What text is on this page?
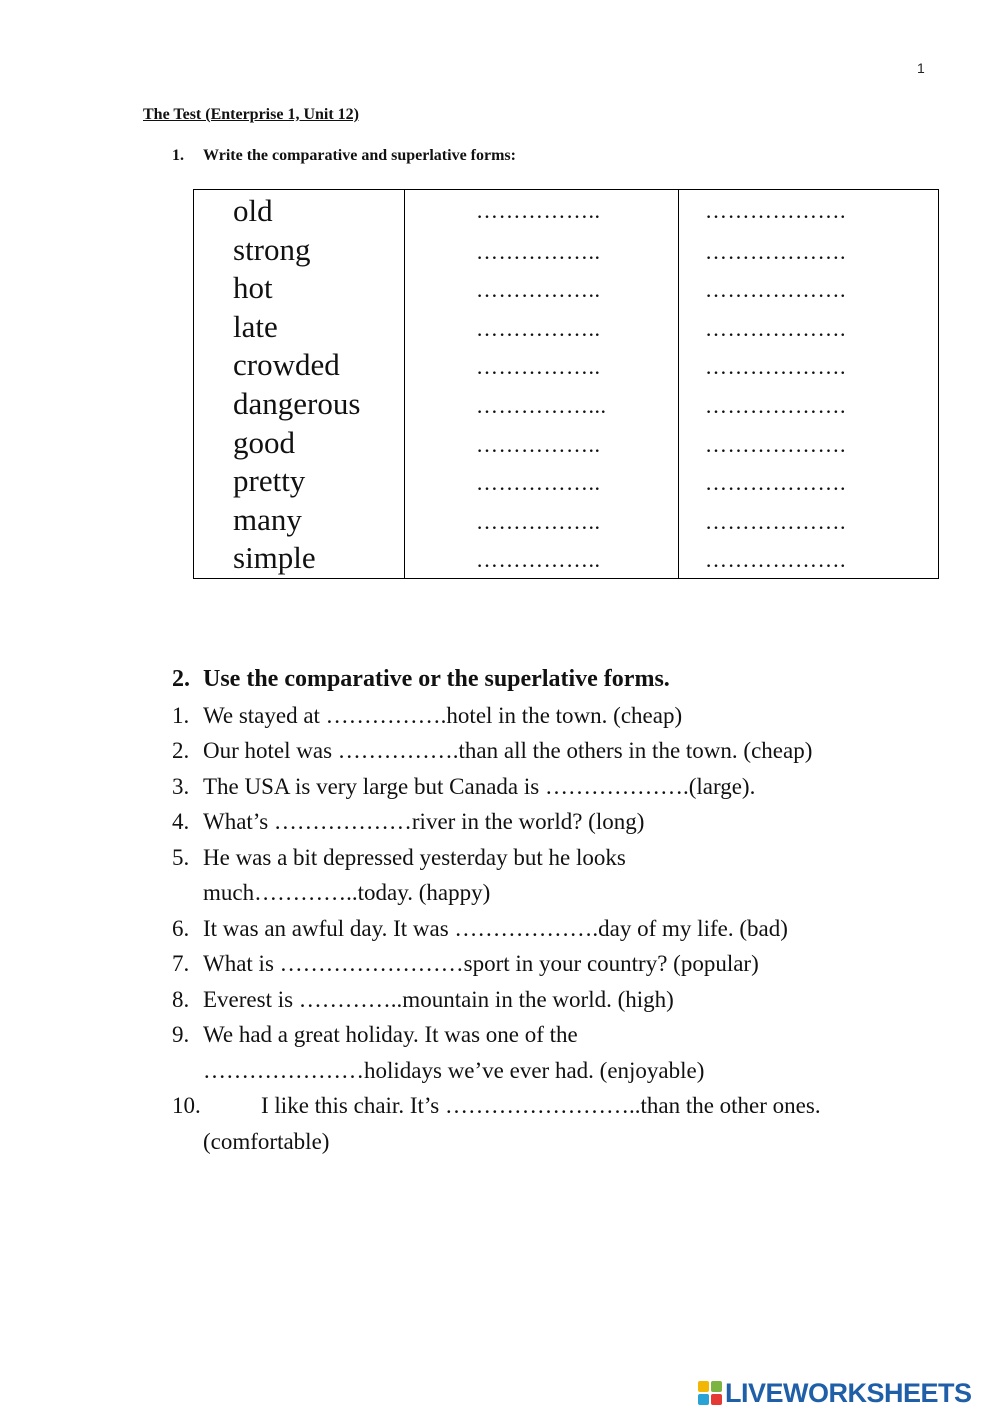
1
The Test (Enterprise 1, Unit 12)
1. Write the comparative and superlative forms:
old	……………..	……………….

strong	……………..	……………….

hot	……………..	……………….

late	……………..	……………….

crowded	……………..	……………….

dangerous	……………...	……………….

good	……………..	……………….

pretty	……………..	……………….

many	……………..	……………….

simple	……………..	……………….
2. Use the comparative or the superlative forms.
1. We stayed at …………….hotel in the town. (cheap)
2. Our hotel was …………….than all the others in the town. (cheap)
3. The USA is very large but Canada is ……………….(large).
4. What’s ………………river in the world? (long)
5. He was a bit depressed yesterday but he looks
much…………..today. (happy)
6. It was an awful day. It was ……………….day of my life. (bad)
7. What is ……………………sport in your country? (popular)
8. Everest is …………..mountain in the world. (high)
9. We had a great holiday. It was one of the
…………………holidays we’ve ever had. (enjoyable)
10.	I like this chair. It’s ……………………..than the other ones.
(comfortable)
LIVEWORKSHEETS
